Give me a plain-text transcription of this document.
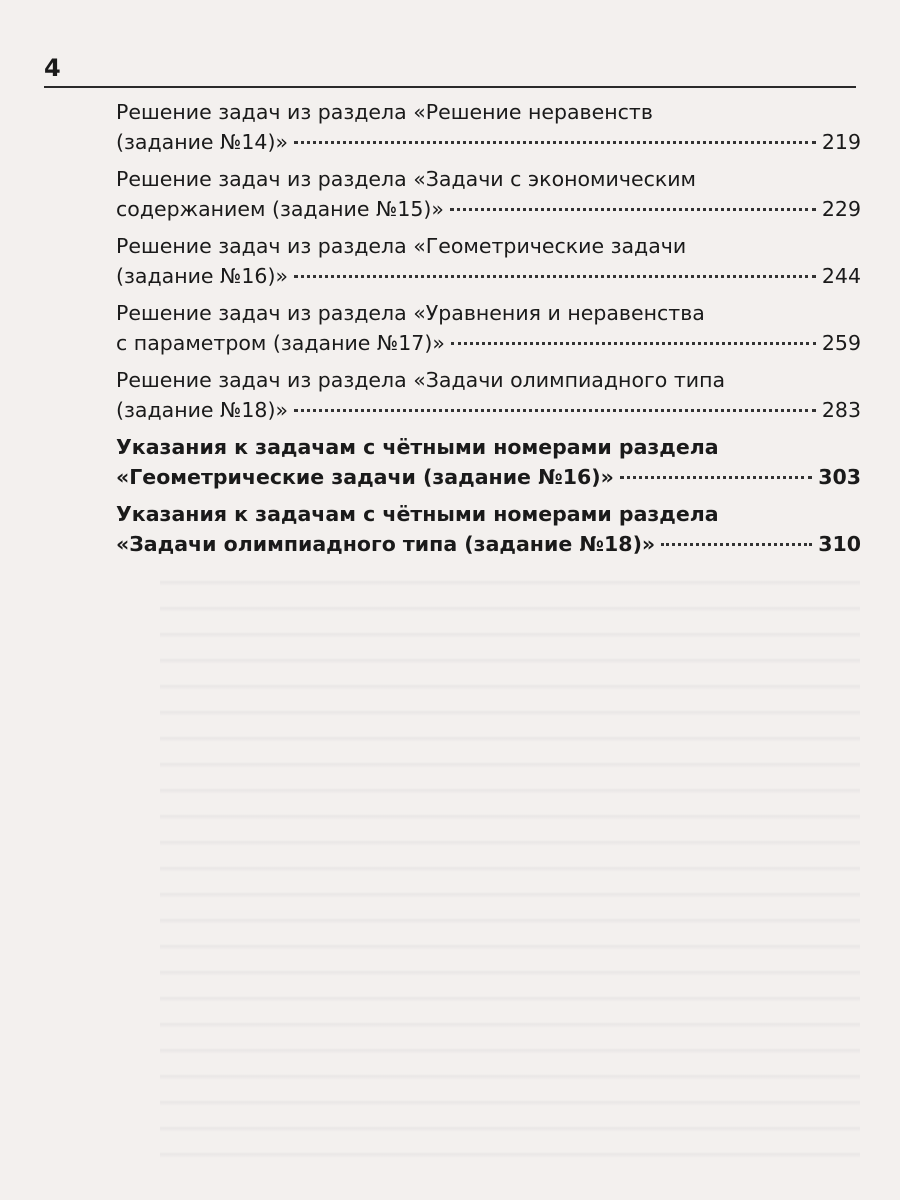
4
Решение задач из раздела «Решение неравенств
(задание №14)»	219
Решение задач из раздела «Задачи с экономическим
содержанием (задание №15)»	229
Решение задач из раздела «Геометрические задачи
(задание №16)»	244
Решение задач из раздела «Уравнения и неравенства
с параметром (задание №17)»	259
Решение задач из раздела «Задачи олимпиадного типа
(задание №18)»	283
Указания к задачам с чётными номерами раздела
«Геометрические задачи (задание №16)»	303
Указания к задачам с чётными номерами раздела
«Задачи олимпиадного типа (задание №18)»	310
